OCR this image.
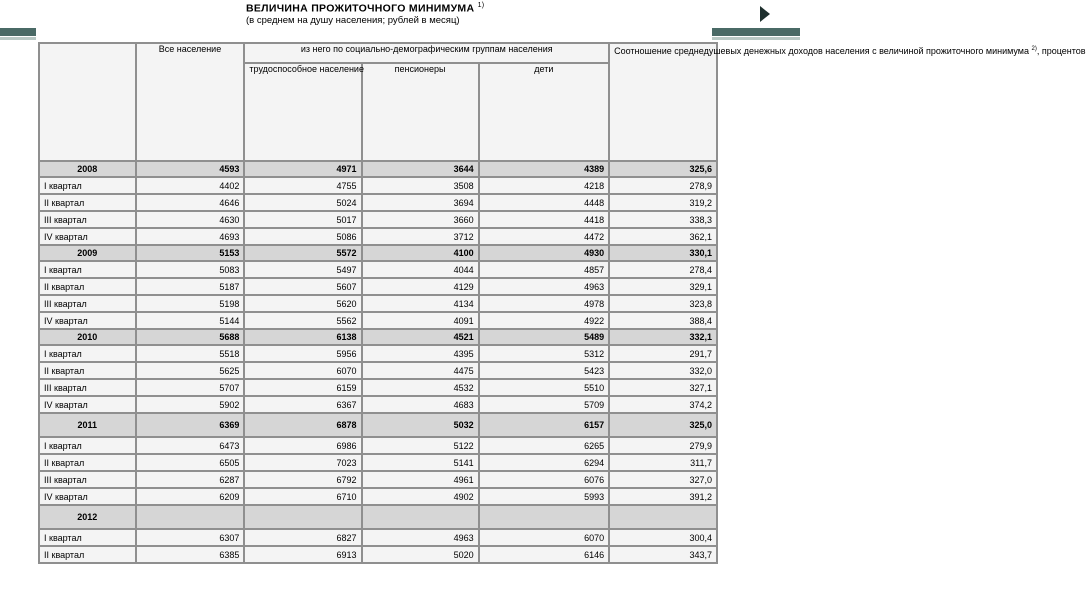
ВЕЛИЧИНА ПРОЖИТОЧНОГО МИНИМУМА $^{1)}$
(в среднем на душу населения; рублей в месяц)
	Все население	из него по социально-демографическим группам населения			Соотношение среднедушевых денежных доходов населения с величиной прожиточного минимума $^{2)}$, процентов
		трудоспособное население	пенсионеры	дети	
2008	4593	4971	3644	4389	325,6
I квартал	4402	4755	3508	4218	278,9
II квартал	4646	5024	3694	4448	319,2
III квартал	4630	5017	3660	4418	338,3
IV квартал	4693	5086	3712	4472	362,1
2009	5153	5572	4100	4930	330,1
I квартал	5083	5497	4044	4857	278,4
II квартал	5187	5607	4129	4963	329,1
III квартал	5198	5620	4134	4978	323,8
IV квартал	5144	5562	4091	4922	388,4
2010	5688	6138	4521	5489	332,1
I квартал	5518	5956	4395	5312	291,7
II квартал	5625	6070	4475	5423	332,0
III квартал	5707	6159	4532	5510	327,1
IV квартал	5902	6367	4683	5709	374,2
2011	6369	6878	5032	6157	325,0
I квартал	6473	6986	5122	6265	279,9
II квартал	6505	7023	5141	6294	311,7
III квартал	6287	6792	4961	6076	327,0
IV квартал	6209	6710	4902	5993	391,2
2012					
I квартал	6307	6827	4963	6070	300,4
II квартал	6385	6913	5020	6146	343,7
